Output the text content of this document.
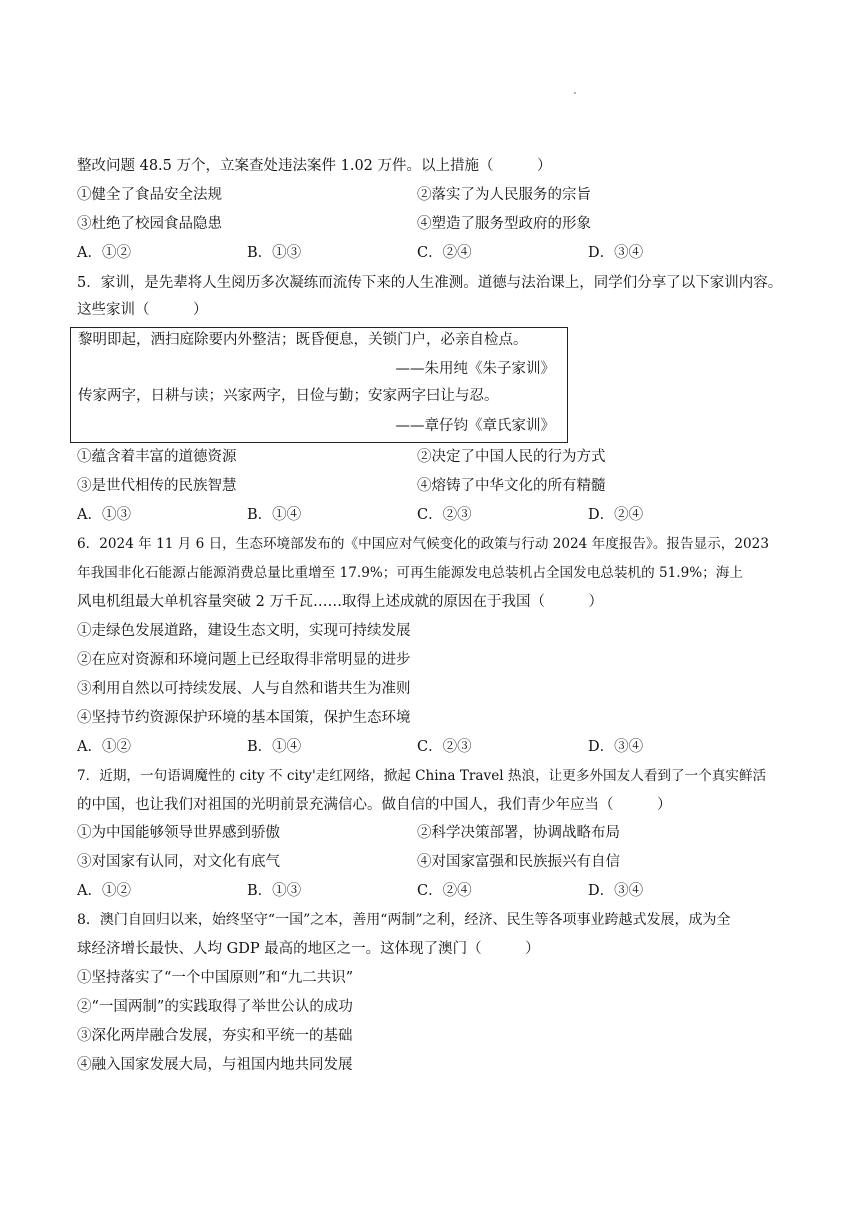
整改问题 48.5 万个，立案查处违法案件 1.02 万件。以上措施（　　　）
①健全了食品安全法规	②落实了为人民服务的宗旨
③杜绝了校园食品隐患	④塑造了服务型政府的形象
A．①②	B．①③	C．②④	D．③④
5．家训，是先辈将人生阅历多次凝练而流传下来的人生准测。道德与法治课上，同学们分享了以下家训内容。
这些家训（　　　）
黎明即起，洒扫庭除要内外整洁；既昏便息，关锁门户，必亲自检点。
——朱用纯《朱子家训》
传家两字，日耕与读；兴家两字，日俭与勤；安家两字曰让与忍。
——章仔钧《章氏家训》
①蕴含着丰富的道德资源	②决定了中国人民的行为方式
③是世代相传的民族智慧	④熔铸了中华文化的所有精髓
A．①③	B．①④	C．②③	D．②④
6．2024 年 11 月 6 日，生态环境部发布的《中国应对气候变化的政策与行动 2024 年度报告》。报告显示，2023
年我国非化石能源占能源消费总量比重增至 17.9%；可再生能源发电总装机占全国发电总装机的 51.9%；海上
风电机组最大单机容量突破 2 万千瓦……取得上述成就的原因在于我国（　　　）
①走绿色发展道路，建设生态文明，实现可持续发展
②在应对资源和环境问题上已经取得非常明显的进步
③利用自然以可持续发展、人与自然和谐共生为准则
④坚持节约资源保护环境的基本国策，保护生态环境
A．①②	B．①④	C．②③	D．③④
7．近期，一句语调魔性的 city 不 city'走红网络，掀起 China Travel 热浪，让更多外国友人看到了一个真实鲜活
的中国，也让我们对祖国的光明前景充满信心。做自信的中国人，我们青少年应当（　　　）
①为中国能够领导世界感到骄傲	②科学决策部署，协调战略布局
③对国家有认同，对文化有底气	④对国家富强和民族振兴有自信
A．①②	B．①③	C．②④	D．③④
8．澳门自回归以来，始终坚守“一国”之本，善用“两制”之利，经济、民生等各项事业跨越式发展，成为全
球经济增长最快、人均 GDP 最高的地区之一。这体现了澳门（　　　）
①坚持落实了“一个中国原则”和“九二共识”
②“一国两制”的实践取得了举世公认的成功
③深化两岸融合发展，夯实和平统一的基础
④融入国家发展大局，与祖国内地共同发展
